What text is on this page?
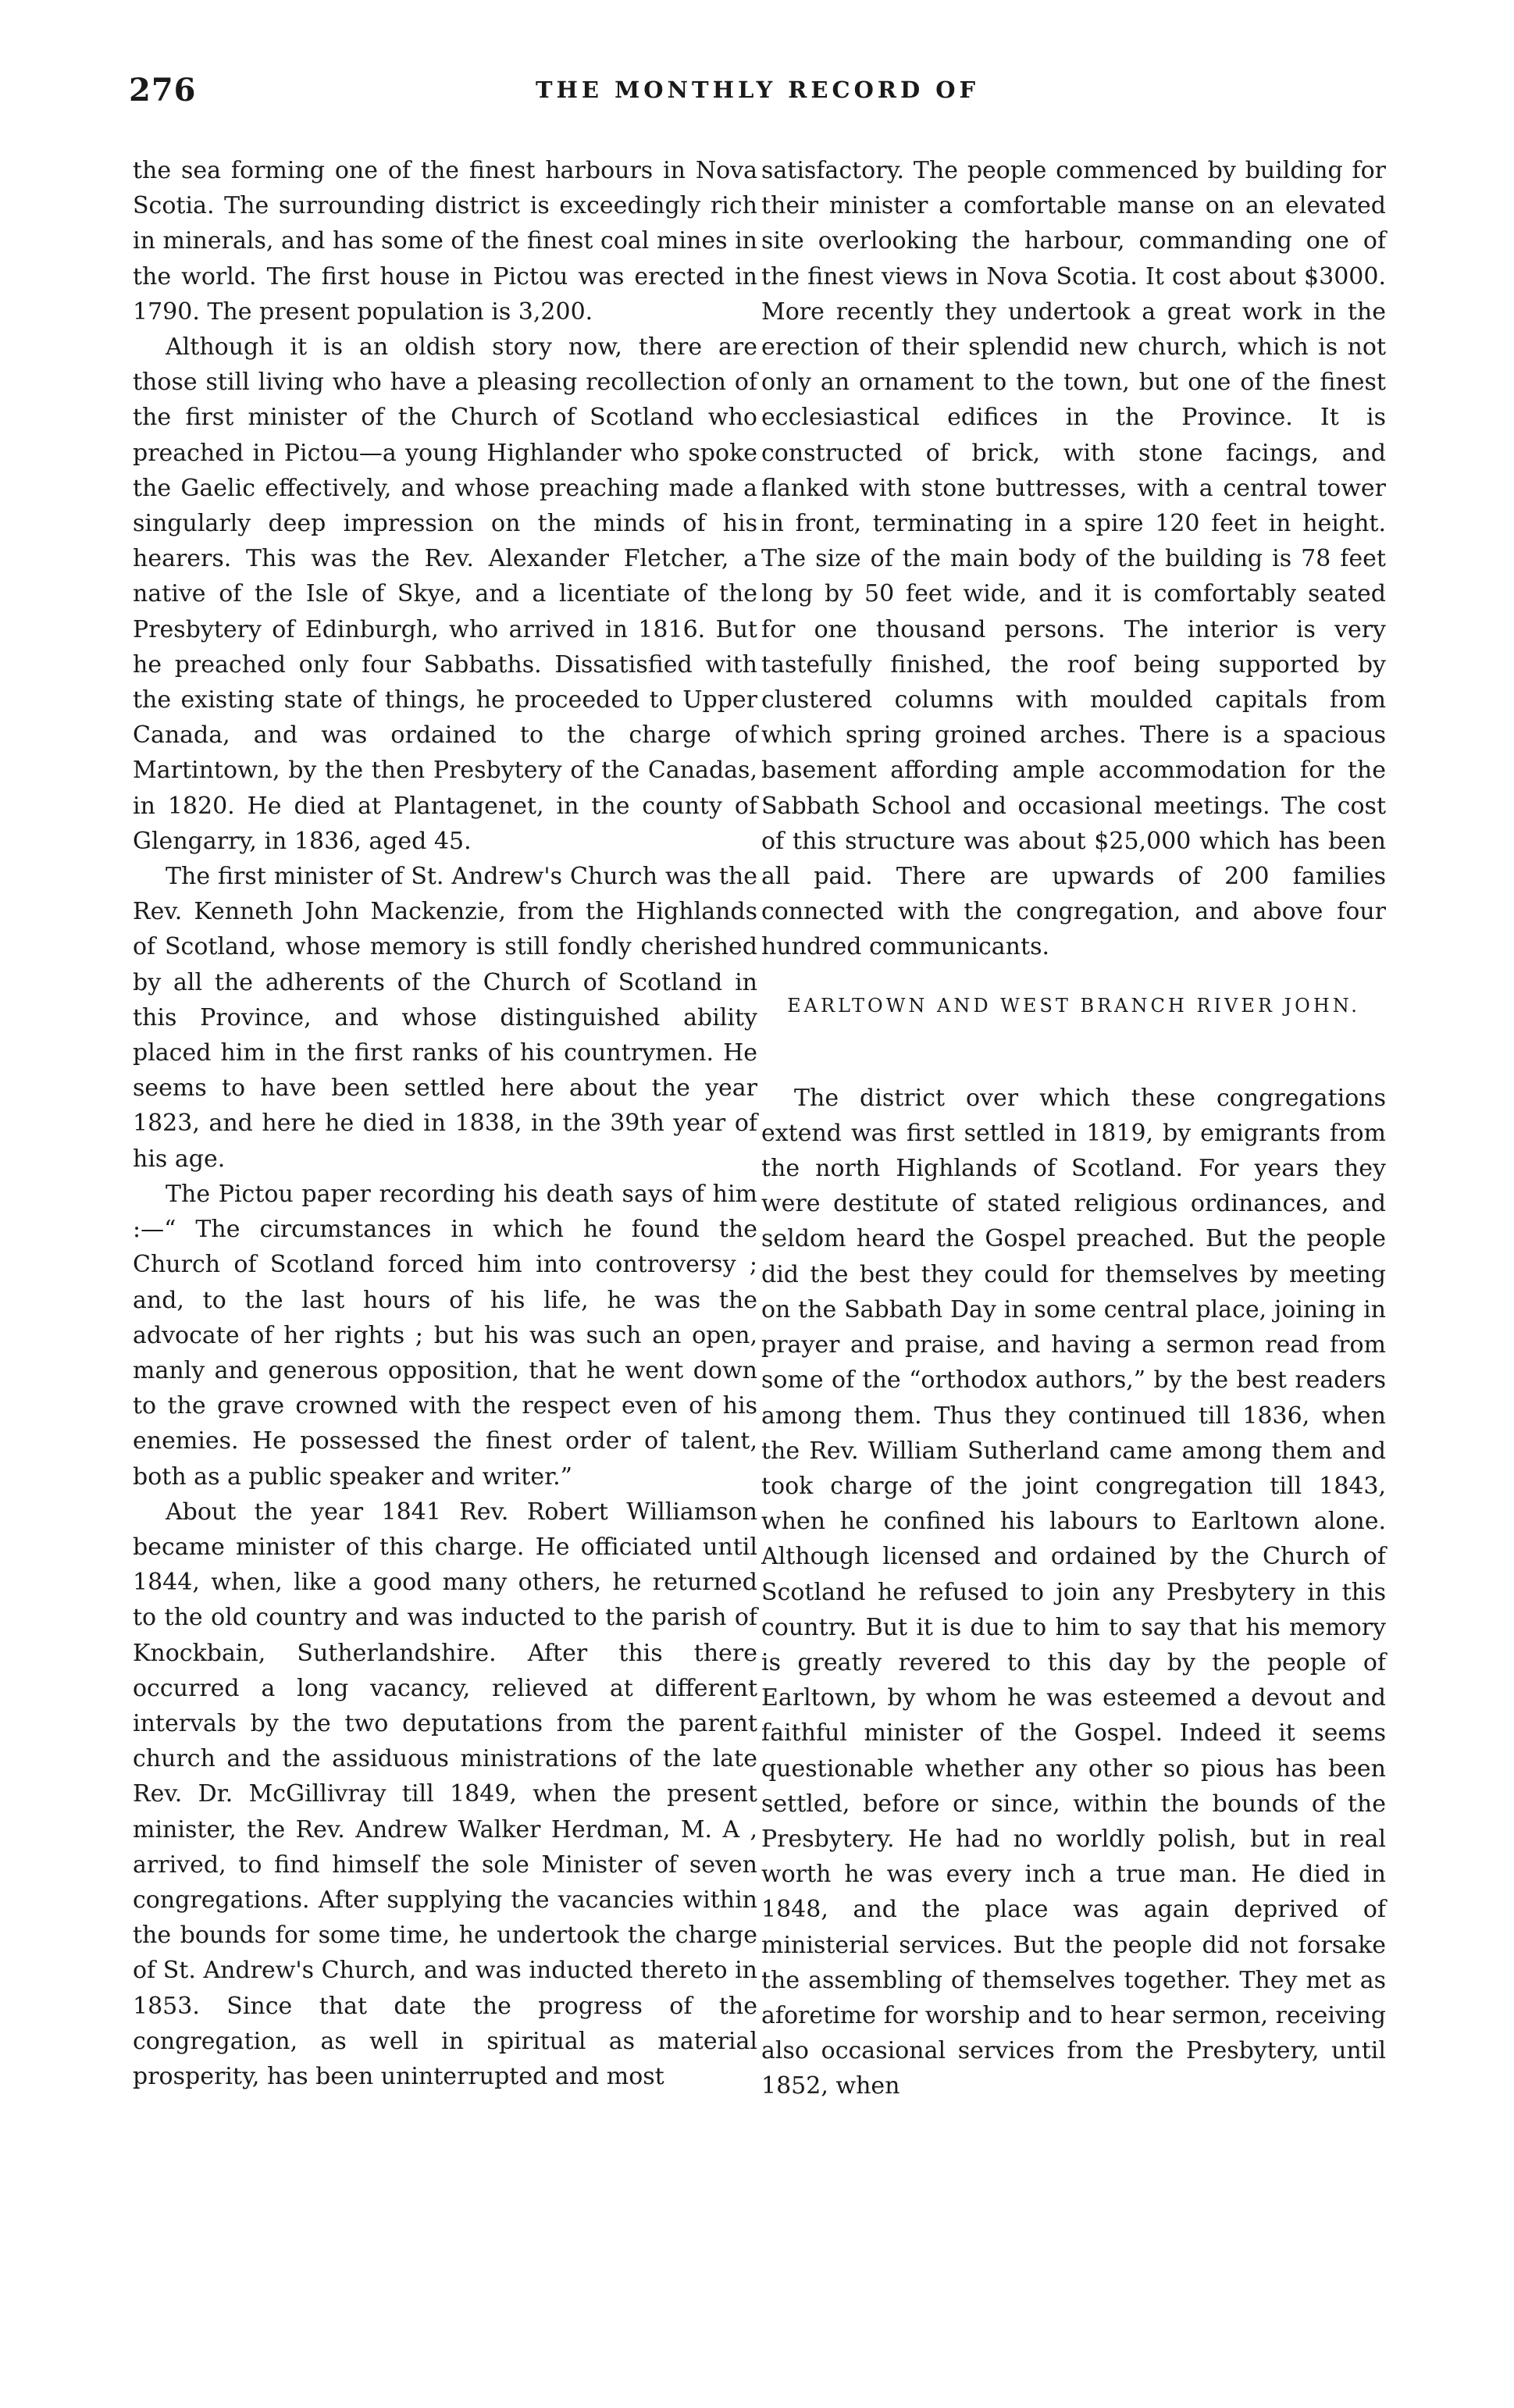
276	THE MONTHLY RECORD OF

the sea forming one of the finest harbours in Nova Scotia. The surrounding district is exceedingly rich in minerals, and has some of the finest coal mines in the world. The first house in Pictou was erected in 1790. The present population is 3,200.

Although it is an oldish story now, there are those still living who have a pleasing recollection of the first minister of the Church of Scotland who preached in Pictou—a young Highlander who spoke the Gaelic effectively, and whose preaching made a singularly deep impression on the minds of his hearers. This was the Rev. Alexander Fletcher, a native of the Isle of Skye, and a licentiate of the Presbytery of Edinburgh, who arrived in 1816. But he preached only four Sabbaths. Dissatisfied with the existing state of things, he proceeded to Upper Canada, and was ordained to the charge of Martintown, by the then Presbytery of the Canadas, in 1820. He died at Plantagenet, in the county of Glengarry, in 1836, aged 45.

The first minister of St. Andrew's Church was the Rev. Kenneth John Mackenzie, from the Highlands of Scotland, whose memory is still fondly cherished by all the adherents of the Church of Scotland in this Province, and whose distinguished ability placed him in the first ranks of his countrymen. He seems to have been settled here about the year 1823, and here he died in 1838, in the 39th year of his age.

The Pictou paper recording his death says of him :—“ The circumstances in which he found the Church of Scotland forced him into controversy ; and, to the last hours of his life, he was the advocate of her rights ; but his was such an open, manly and generous opposition, that he went down to the grave crowned with the respect even of his enemies. He possessed the finest order of talent, both as a public speaker and writer.”

About the year 1841 Rev. Robert Williamson became minister of this charge. He officiated until 1844, when, like a good many others, he returned to the old country and was inducted to the parish of Knockbain, Sutherlandshire. After this there occurred a long vacancy, relieved at different intervals by the two deputations from the parent church and the assiduous ministrations of the late Rev. Dr. McGillivray till 1849, when the present minister, the Rev. Andrew Walker Herdman, M. A , arrived, to find himself the sole Minister of seven congregations. After supplying the vacancies within the bounds for some time, he undertook the charge of St. Andrew's Church, and was inducted thereto in 1853. Since that date the progress of the congregation, as well in spiritual as material prosperity, has been uninterrupted and most

satisfactory. The people commenced by building for their minister a comfortable manse on an elevated site overlooking the harbour, commanding one of the finest views in Nova Scotia. It cost about $3000. More recently they undertook a great work in the erection of their splendid new church, which is not only an ornament to the town, but one of the finest ecclesiastical edifices in the Province. It is constructed of brick, with stone facings, and flanked with stone buttresses, with a central tower in front, terminating in a spire 120 feet in height. The size of the main body of the building is 78 feet long by 50 feet wide, and it is comfortably seated for one thousand persons. The interior is very tastefully finished, the roof being supported by clustered columns with moulded capitals from which spring groined arches. There is a spacious basement affording ample accommodation for the Sabbath School and occasional meetings. The cost of this structure was about $25,000 which has been all paid. There are upwards of 200 families connected with the congregation, and above four hundred communicants.

EARLTOWN AND WEST BRANCH RIVER JOHN.

The district over which these congregations extend was first settled in 1819, by emigrants from the north Highlands of Scotland. For years they were destitute of stated religious ordinances, and seldom heard the Gospel preached. But the people did the best they could for themselves by meeting on the Sabbath Day in some central place, joining in prayer and praise, and having a sermon read from some of the “orthodox authors,” by the best readers among them. Thus they continued till 1836, when the Rev. William Sutherland came among them and took charge of the joint congregation till 1843, when he confined his labours to Earltown alone. Although licensed and ordained by the Church of Scotland he refused to join any Presbytery in this country. But it is due to him to say that his memory is greatly revered to this day by the people of Earltown, by whom he was esteemed a devout and faithful minister of the Gospel. Indeed it seems questionable whether any other so pious has been settled, before or since, within the bounds of the Presbytery. He had no worldly polish, but in real worth he was every inch a true man. He died in 1848, and the place was again deprived of ministerial services. But the people did not forsake the assembling of themselves together. They met as aforetime for worship and to hear sermon, receiving also occasional services from the Presbytery, until 1852, when
